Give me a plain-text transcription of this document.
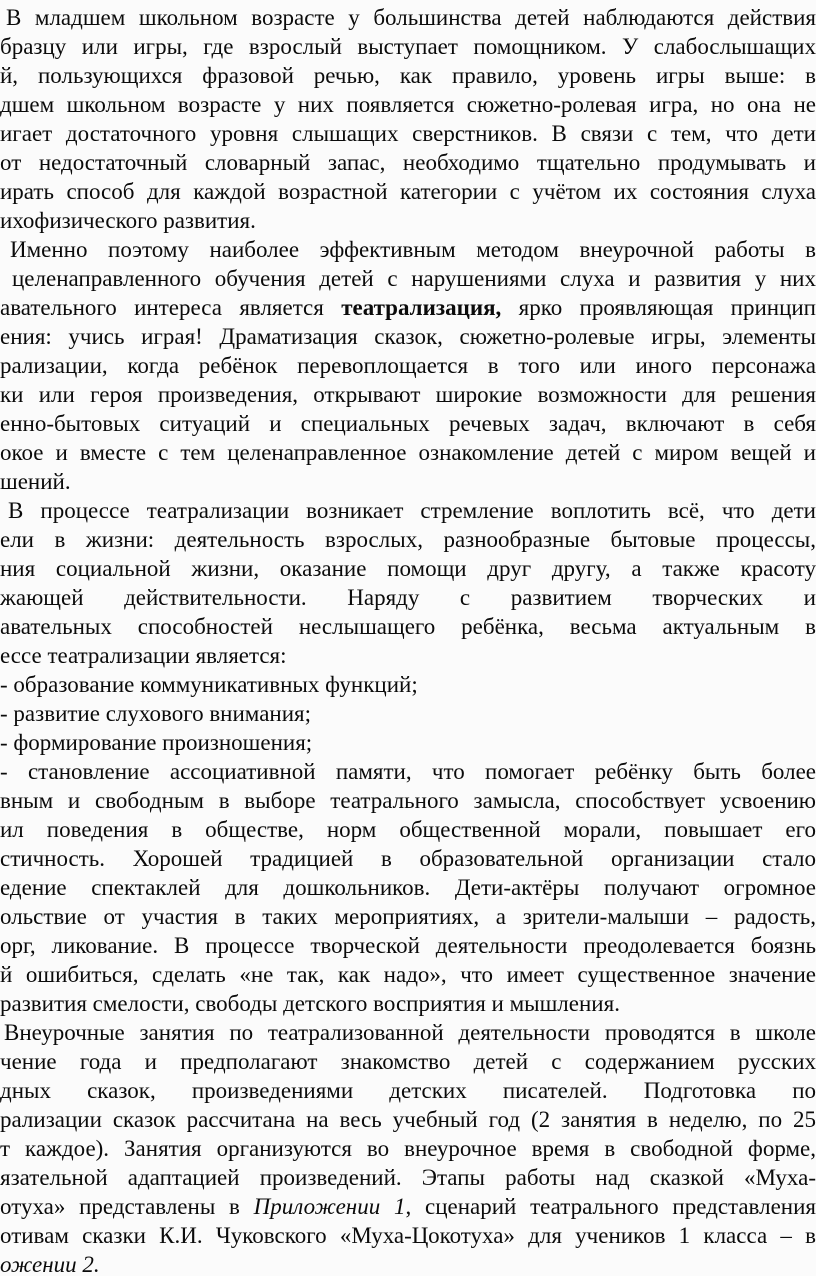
В младшем школьном возрасте у большинства детей наблюдаются действия
бразцу или игры, где взрослый выступает помощником. У слабослышащих
й, пользующихся фразовой речью, как правило, уровень игры выше: в
дшем школьном возрасте у них появляется сюжетно-ролевая игра, но она не
игает достаточного уровня слышащих сверстников. В связи с тем, что дети
от недостаточный словарный запас, необходимо тщательно продумывать и
ирать способ для каждой возрастной категории с учётом их состояния слуха
ихофизического развития.
Именно поэтому наиболее эффективным методом внеурочной работы в
целенаправленного обучения детей с нарушениями слуха и развития у них
авательного интереса является театрализация, ярко проявляющая принцип
ения: учись играя! Драматизация сказок, сюжетно-ролевые игры, элементы
рализации, когда ребёнок перевоплощается в того или иного персонажа
ки или героя произведения, открывают широкие возможности для решения
енно-бытовых ситуаций и специальных речевых задач, включают в себя
окое и вместе с тем целенаправленное ознакомление детей с миром вещей и
шений.
В процессе театрализации возникает стремление воплотить всё, что дети
ели в жизни: деятельность взрослых, разнообразные бытовые процессы,
ния социальной жизни, оказание помощи друг другу, а также красоту
жающей действительности. Наряду с развитием творческих и
авательных способностей неслышащего ребёнка, весьма актуальным в
ессе театрализации является:
- образование коммуникативных функций;
- развитие слухового внимания;
- формирование произношения;
- становление ассоциативной памяти, что помогает ребёнку быть более
вным и свободным в выборе театрального замысла, способствует усвоению
ил поведения в обществе, норм общественной морали, повышает его
стичность. Хорошей традицией в образовательной организации стало
едение спектаклей для дошкольников. Дети-актёры получают огромное
ольствие от участия в таких мероприятиях, а зрители-малыши – радость,
орг, ликование. В процессе творческой деятельности преодолевается боязнь
й ошибиться, сделать «не так, как надо», что имеет существенное значение
развития смелости, свободы детского восприятия и мышления.
Внеурочные занятия по театрализованной деятельности проводятся в школе
чение года и предполагают знакомство детей с содержанием русских
дных сказок, произведениями детских писателей. Подготовка по
рализации сказок рассчитана на весь учебный год (2 занятия в неделю, по 25
т каждое). Занятия организуются во внеурочное время в свободной форме,
язательной адаптацией произведений. Этапы работы над сказкой «Муха-
отуха» представлены в Приложении 1, сценарий театрального представления
отивам сказки К.И. Чуковского «Муха-Цокотуха» для учеников 1 класса – в
ожении 2.
